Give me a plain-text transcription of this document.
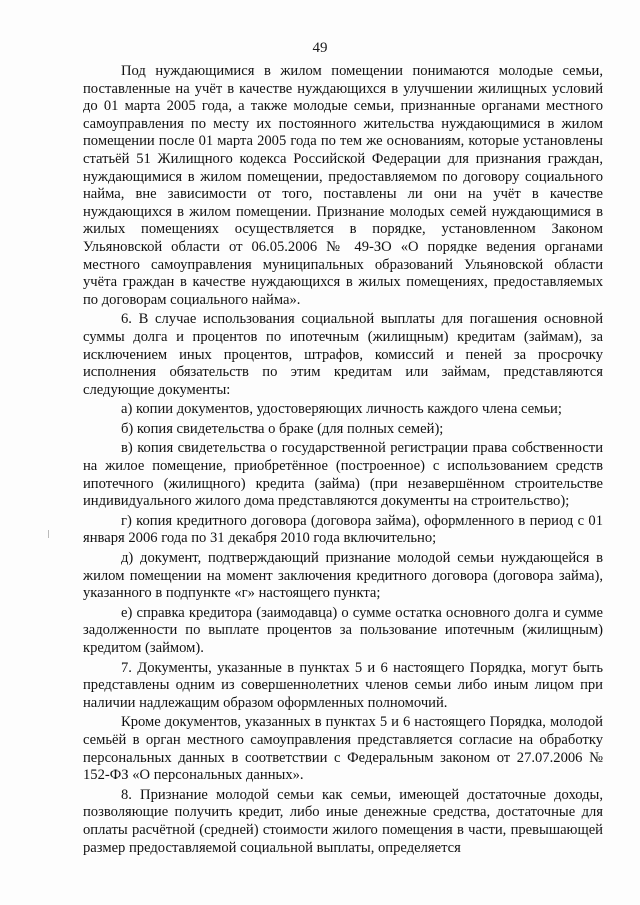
49

Под нуждающимися в жилом помещении понимаются молодые семьи, поставленные на учёт в качестве нуждающихся в улучшении жилищных условий до 01 марта 2005 года, а также молодые семьи, признанные органами местного самоуправления по месту их постоянного жительства нуждающимися в жилом помещении после 01 марта 2005 года по тем же основаниям, которые установлены статьёй 51 Жилищного кодекса Российской Федерации для признания граждан, нуждающимися в жилом помещении, предоставляемом по договору социального найма, вне зависимости от того, поставлены ли они на учёт в качестве нуждающихся в жилом помещении. Признание молодых семей нуждающимися в жилых помещениях осуществляется в порядке, установленном Законом Ульяновской области от 06.05.2006 № 49-ЗО «О порядке ведения органами местного самоуправления муниципальных образований Ульяновской области учёта граждан в качестве нуждающихся в жилых помещениях, предоставляемых по договорам социального найма».

6. В случае использования социальной выплаты для погашения основной суммы долга и процентов по ипотечным (жилищным) кредитам (займам), за исключением иных процентов, штрафов, комиссий и пеней за просрочку исполнения обязательств по этим кредитам или займам, представляются следующие документы:

а) копии документов, удостоверяющих личность каждого члена семьи;

б) копия свидетельства о браке (для полных семей);

в) копия свидетельства о государственной регистрации права собственности на жилое помещение, приобретённое (построенное) с использованием средств ипотечного (жилищного) кредита (займа) (при незавершённом строительстве индивидуального жилого дома представляются документы на строительство);

г) копия кредитного договора (договора займа), оформленного в период с 01 января 2006 года по 31 декабря 2010 года включительно;

д) документ, подтверждающий признание молодой семьи нуждающейся в жилом помещении на момент заключения кредитного договора (договора займа), указанного в подпункте «г» настоящего пункта;

е) справка кредитора (заимодавца) о сумме остатка основного долга и сумме задолженности по выплате процентов за пользование ипотечным (жилищным) кредитом (займом).

7. Документы, указанные в пунктах 5 и 6 настоящего Порядка, могут быть представлены одним из совершеннолетних членов семьи либо иным лицом при наличии надлежащим образом оформленных полномочий.

Кроме документов, указанных в пунктах 5 и 6 настоящего Порядка, молодой семьёй в орган местного самоуправления представляется согласие на обработку персональных данных в соответствии с Федеральным законом от 27.07.2006 № 152-ФЗ «О персональных данных».

8. Признание молодой семьи как семьи, имеющей достаточные доходы, позволяющие получить кредит, либо иные денежные средства, достаточные для оплаты расчётной (средней) стоимости жилого помещения в части, превышающей размер предоставляемой социальной выплаты, определяется
